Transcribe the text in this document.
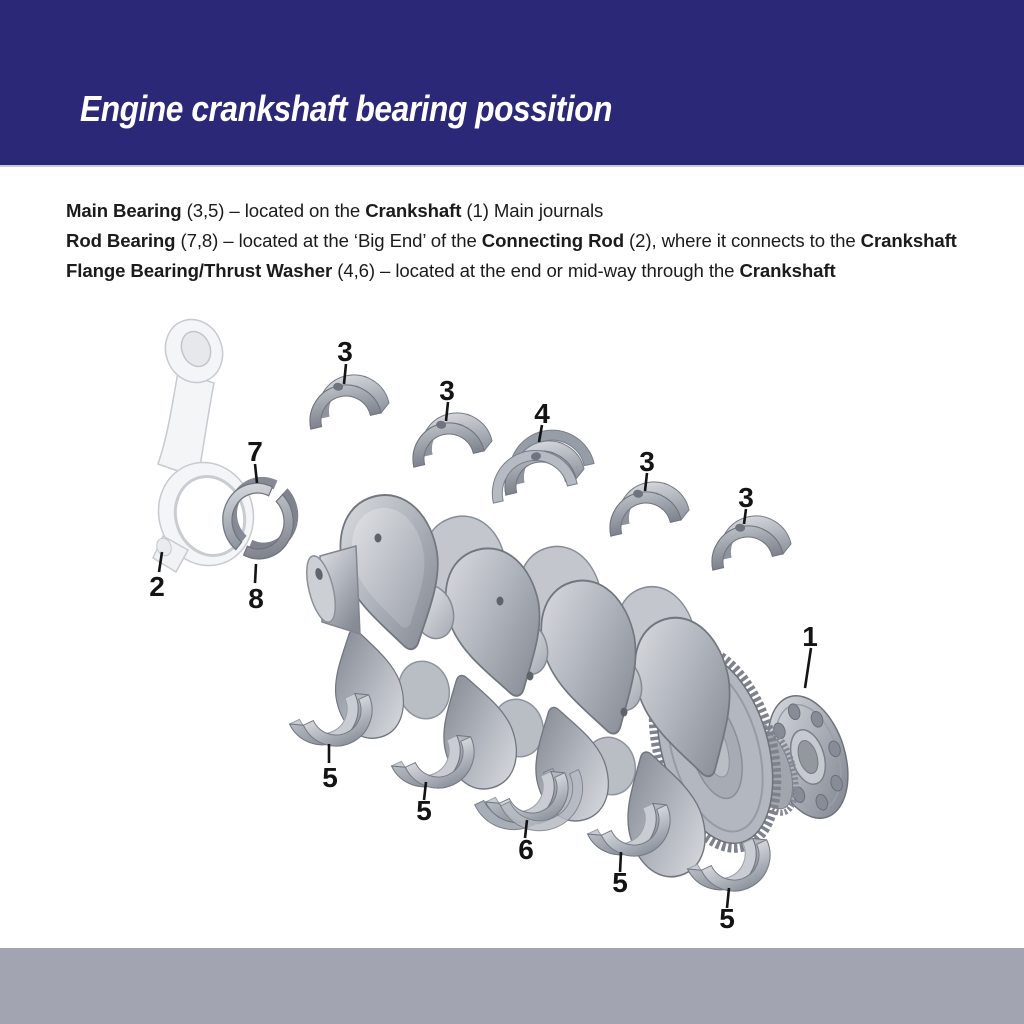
Engine crankshaft bearing possition

Main Bearing (3,5) – located on the Crankshaft (1) Main journals

Rod Bearing (7,8) – located at the ‘Big End’ of the Connecting Rod (2), where it connects to the Crankshaft

Flange Bearing/Thrust Washer (4,6) – located at the end or mid-way through the Crankshaft

3
3
4
3
3
7
8
2
1
5
5
6
5
5
